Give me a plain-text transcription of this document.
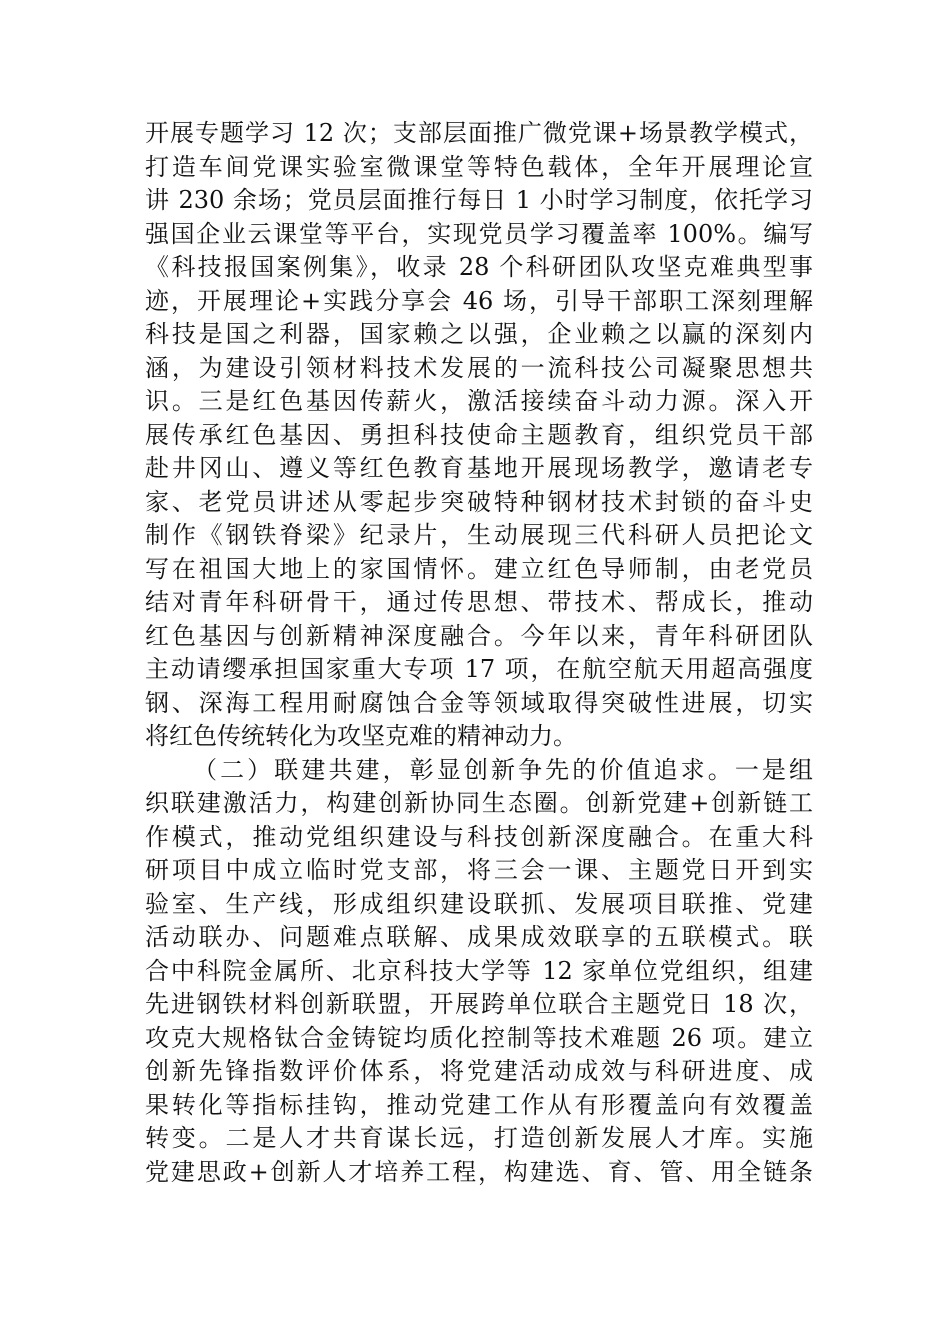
开展专题学习 12 次；支部层面推广微党课+场景教学模式，
打造车间党课实验室微课堂等特色载体，全年开展理论宣
讲 230 余场；党员层面推行每日 1 小时学习制度，依托学习
强国企业云课堂等平台，实现党员学习覆盖率 100%。编写
《科技报国案例集》，收录 28 个科研团队攻坚克难典型事
迹，开展理论+实践分享会 46 场，引导干部职工深刻理解
科技是国之利器，国家赖之以强，企业赖之以赢的深刻内
涵，为建设引领材料技术发展的一流科技公司凝聚思想共
识。三是红色基因传薪火，激活接续奋斗动力源。深入开
展传承红色基因、勇担科技使命主题教育，组织党员干部
赴井冈山、遵义等红色教育基地开展现场教学，邀请老专
家、老党员讲述从零起步突破特种钢材技术封锁的奋斗史
制作《钢铁脊梁》纪录片，生动展现三代科研人员把论文
写在祖国大地上的家国情怀。建立红色导师制，由老党员
结对青年科研骨干，通过传思想、带技术、帮成长，推动
红色基因与创新精神深度融合。今年以来，青年科研团队
主动请缨承担国家重大专项 17 项，在航空航天用超高强度
钢、深海工程用耐腐蚀合金等领域取得突破性进展，切实
将红色传统转化为攻坚克难的精神动力。
（二）联建共建，彰显创新争先的价值追求。一是组
织联建激活力，构建创新协同生态圈。创新党建+创新链工
作模式，推动党组织建设与科技创新深度融合。在重大科
研项目中成立临时党支部，将三会一课、主题党日开到实
验室、生产线，形成组织建设联抓、发展项目联推、党建
活动联办、问题难点联解、成果成效联享的五联模式。联
合中科院金属所、北京科技大学等 12 家单位党组织，组建
先进钢铁材料创新联盟，开展跨单位联合主题党日 18 次，
攻克大规格钛合金铸锭均质化控制等技术难题 26 项。建立
创新先锋指数评价体系，将党建活动成效与科研进度、成
果转化等指标挂钩，推动党建工作从有形覆盖向有效覆盖
转变。二是人才共育谋长远，打造创新发展人才库。实施
党建思政+创新人才培养工程，构建选、育、管、用全链条
